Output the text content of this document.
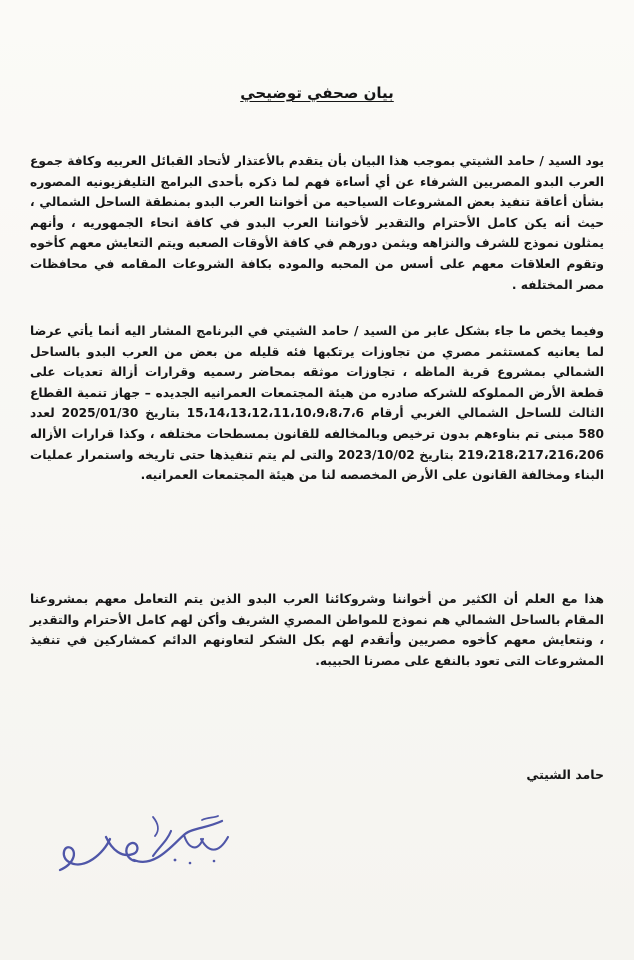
بيان صحفي توضيحي
يود السيد / حامد الشيتي بموجب هذا البيان بأن يتقدم بالأعتذار لأتحاد القبائل العربيه وكافة جموع العرب البدو المصريين الشرفاء عن أي أساءة فهم لما ذكره بأحدى البرامج التليفزيونيه المصوره بشأن أعاقة تنفيذ بعض المشروعات السياحيه من أخواننا العرب البدو بمنطقة الساحل الشمالي ، حيث أنه يكن كامل الأحترام والتقدير لأخواننا العرب البدو في كافة انحاء الجمهوريه ، وأنهم يمثلون نموذج للشرف والنزاهه ويثمن دورهم في كافة الأوقات الصعبه ويتم التعايش معهم كأخوه وتقوم العلاقات معهم على أسس من المحبه والموده بكافة الشروعات المقامه في محافظات مصر المختلفه .
وفيما يخص ما جاء بشكل عابر من السيد / حامد الشيتي في البرنامج المشار اليه أنما يأتي عرضا لما يعانيه كمستثمر مصري من تجاوزات يرتكبها فئه قليله من بعض من العرب البدو بالساحل الشمالي بمشروع قرية الماظه ، تجاوزات موثقه بمحاضر رسميه وقرارات أزالة تعديات على قطعة الأرض المملوكه للشركه صادره من هيئة المجتمعات العمرانيه الجديده – جهاز تنمية القطاع الثالث للساحل الشمالي الغربي أرقام 15،14،13،12،11،10،9،8،7،6 بتاريخ 2025/01/30 لعدد 580 مبنى تم بناوءهم بدون ترخيص وبالمخالفه للقانون بمسطحات مختلفه ، وكذا قرارات الأزاله 219،218،217،216،206 بتاريخ 2023/10/02 والتى لم يتم تنفيذها حتى تاريخه واستمرار عمليات البناء ومخالفة القانون على الأرض المخصصه لنا من هيئة المجتمعات العمرانيه.
هذا مع العلم أن الكثير من أخواننا وشروكائنا العرب البدو الذين يتم التعامل معهم بمشروعنا المقام بالساحل الشمالي هم نموذج للمواطن المصري الشريف وأكن لهم كامل الأحترام والتقدير ، ونتعايش معهم كأخوه مصريين وأتقدم لهم بكل الشكر لتعاونهم الدائم كمشاركين في تنفيذ المشروعات التى تعود بالنفع على مصرنا الحبيبه.
حامد الشيتي
